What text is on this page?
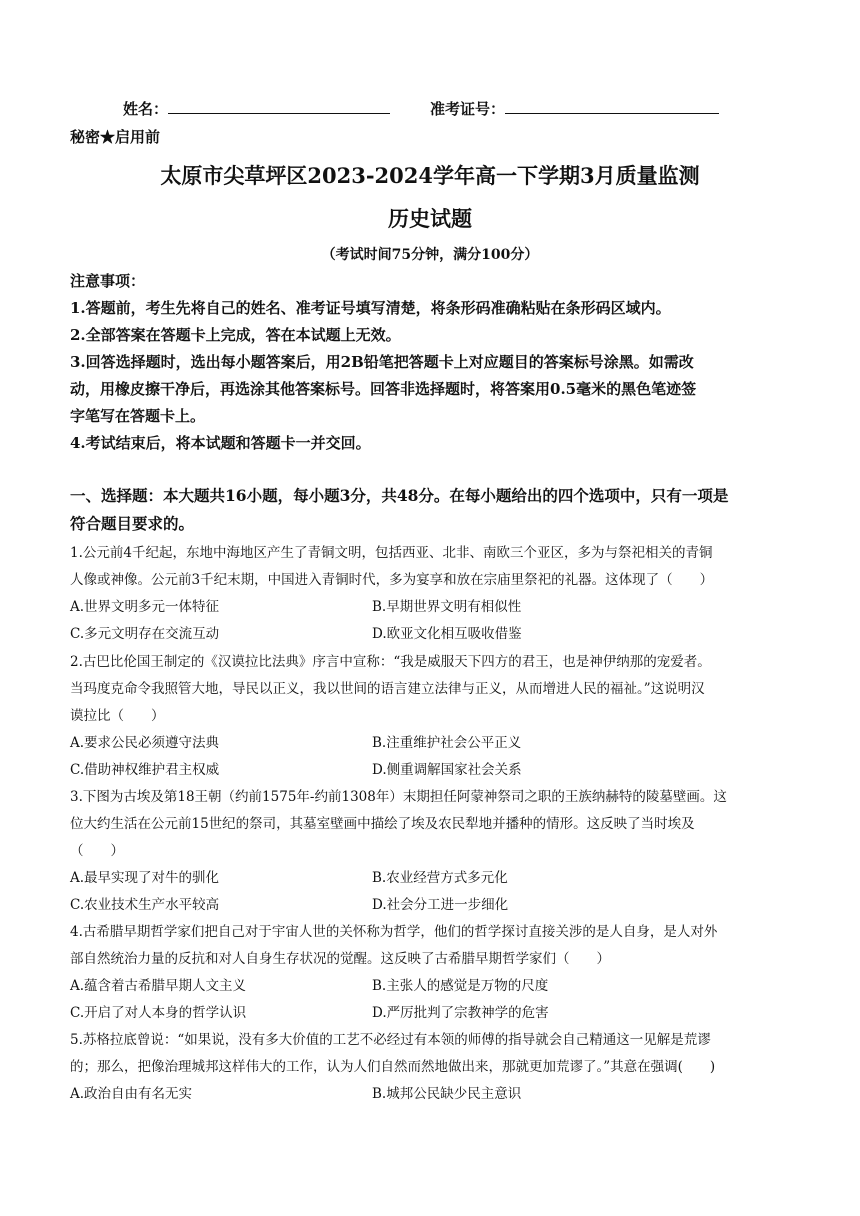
姓名：	准考证号：
秘密★启用前
太原市尖草坪区2023-2024学年高一下学期3月质量监测
历史试题
（考试时间75分钟，满分100分）
注意事项：
1.答题前，考生先将自己的姓名、准考证号填写清楚，将条形码准确粘贴在条形码区域内。
2.全部答案在答题卡上完成，答在本试题上无效。
3.回答选择题时，选出每小题答案后，用2B铅笔把答题卡上对应题目的答案标号涂黑。如需改
动，用橡皮擦干净后，再选涂其他答案标号。回答非选择题时，将答案用0.5毫米的黑色笔迹签
字笔写在答题卡上。
4.考试结束后，将本试题和答题卡一并交回。
一、选择题：本大题共16小题，每小题3分，共48分。在每小题给出的四个选项中，只有一项是
符合题目要求的。
1.公元前4千纪起，东地中海地区产生了青铜文明，包括西亚、北非、南欧三个亚区，多为与祭祀相关的青铜
人像或神像。公元前3千纪末期，中国进入青铜时代，多为宴享和放在宗庙里祭祀的礼器。这体现了（　　）
A.世界文明多元一体特征	B.早期世界文明有相似性
C.多元文明存在交流互动	D.欧亚文化相互吸收借鉴
2.古巴比伦国王制定的《汉谟拉比法典》序言中宣称：“我是威服天下四方的君王，也是神伊纳那的宠爱者。
当玛度克命令我照管大地，导民以正义，我以世间的语言建立法律与正义，从而增进人民的福祉。”这说明汉
谟拉比（　　）
A.要求公民必须遵守法典	B.注重维护社会公平正义
C.借助神权维护君主权威	D.侧重调解国家社会关系
3.下图为古埃及第18王朝（约前1575年-约前1308年）末期担任阿蒙神祭司之职的王族纳赫特的陵墓壁画。这
位大约生活在公元前15世纪的祭司，其墓室壁画中描绘了埃及农民犁地并播种的情形。这反映了当时埃及
（　　）
A.最早实现了对牛的驯化	B.农业经营方式多元化
C.农业技术生产水平较高	D.社会分工进一步细化
4.古希腊早期哲学家们把自己对于宇宙人世的关怀称为哲学，他们的哲学探讨直接关涉的是人自身，是人对外
部自然统治力量的反抗和对人自身生存状况的觉醒。这反映了古希腊早期哲学家们（　　）
A.蕴含着古希腊早期人文主义	B.主张人的感觉是万物的尺度
C.开启了对人本身的哲学认识	D.严厉批判了宗教神学的危害
5.苏格拉底曾说：“如果说，没有多大价值的工艺不必经过有本领的师傅的指导就会自己精通这一见解是荒谬
的；那么，把像治理城邦这样伟大的工作，认为人们自然而然地做出来，那就更加荒谬了。”其意在强调(　　)
A.政治自由有名无实	B.城邦公民缺少民主意识
